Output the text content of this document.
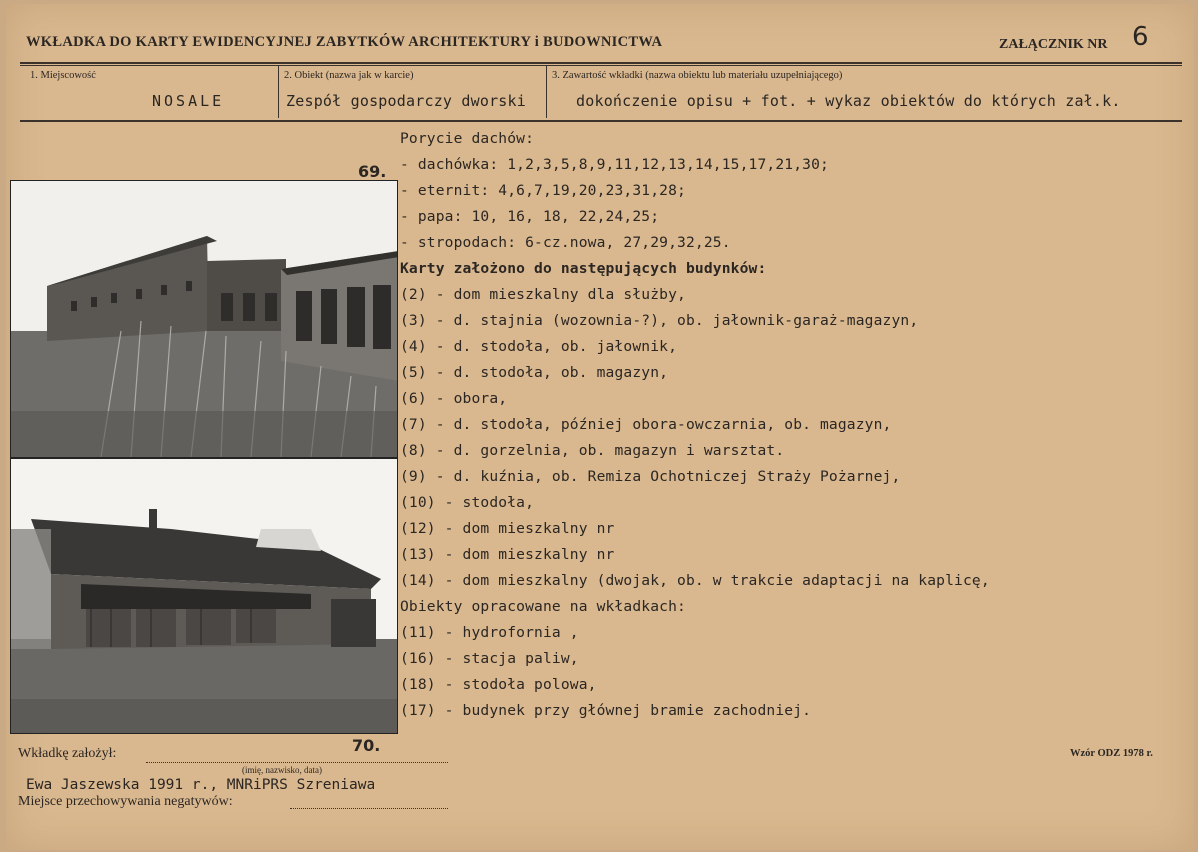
WKŁADKA DO KARTY EWIDENCYJNEJ ZABYTKÓW ARCHITEKTURY i BUDOWNICTWA	ZAŁĄCZNIK NR 6
1. Miejscowość
NOSALE
2. Obiekt (nazwa jak w karcie)
Zespół gospodarczy dworski
3. Zawartość wkładki (nazwa obiektu lub materiału uzupełniającego)
dokończenie opisu + fot. + wykaz obiektów do których zał.k.
69.
70.
Porycie dachów:
- dachówka: 1,2,3,5,8,9,11,12,13,14,15,17,21,30;
- eternit: 4,6,7,19,20,23,31,28;
- papa: 10, 16, 18, 22,24,25;
- stropodach: 6-cz.nowa, 27,29,32,25.
Karty założono do następujących budynków:
(2) - dom mieszkalny dla służby,
(3) - d. stajnia (wozownia-?), ob. jałownik-garaż-magazyn,
(4) - d. stodoła, ob. jałownik,
(5) - d. stodoła, ob. magazyn,
(6) - obora,
(7) - d. stodoła, później obora-owczarnia, ob. magazyn,
(8) - d. gorzelnia, ob. magazyn i warsztat.
(9) - d. kuźnia, ob. Remiza Ochotniczej Straży Pożarnej,
(10) - stodoła,
(12) - dom mieszkalny nr
(13) - dom mieszkalny nr
(14) - dom mieszkalny (dwojak, ob. w trakcie adaptacji na kaplicę,
Obiekty opracowane na wkładkach:
(11) - hydrofornia ,
(16) - stacja paliw,
(18) - stodoła polowa,
(17) - budynek przy głównej bramie zachodniej.
Wkładkę założył:
(imię, nazwisko, data)
Ewa Jaszewska 1991 r., MNRiPRS Szreniawa
Miejsce przechowywania negatywów:
Wzór ODZ 1978 r.
